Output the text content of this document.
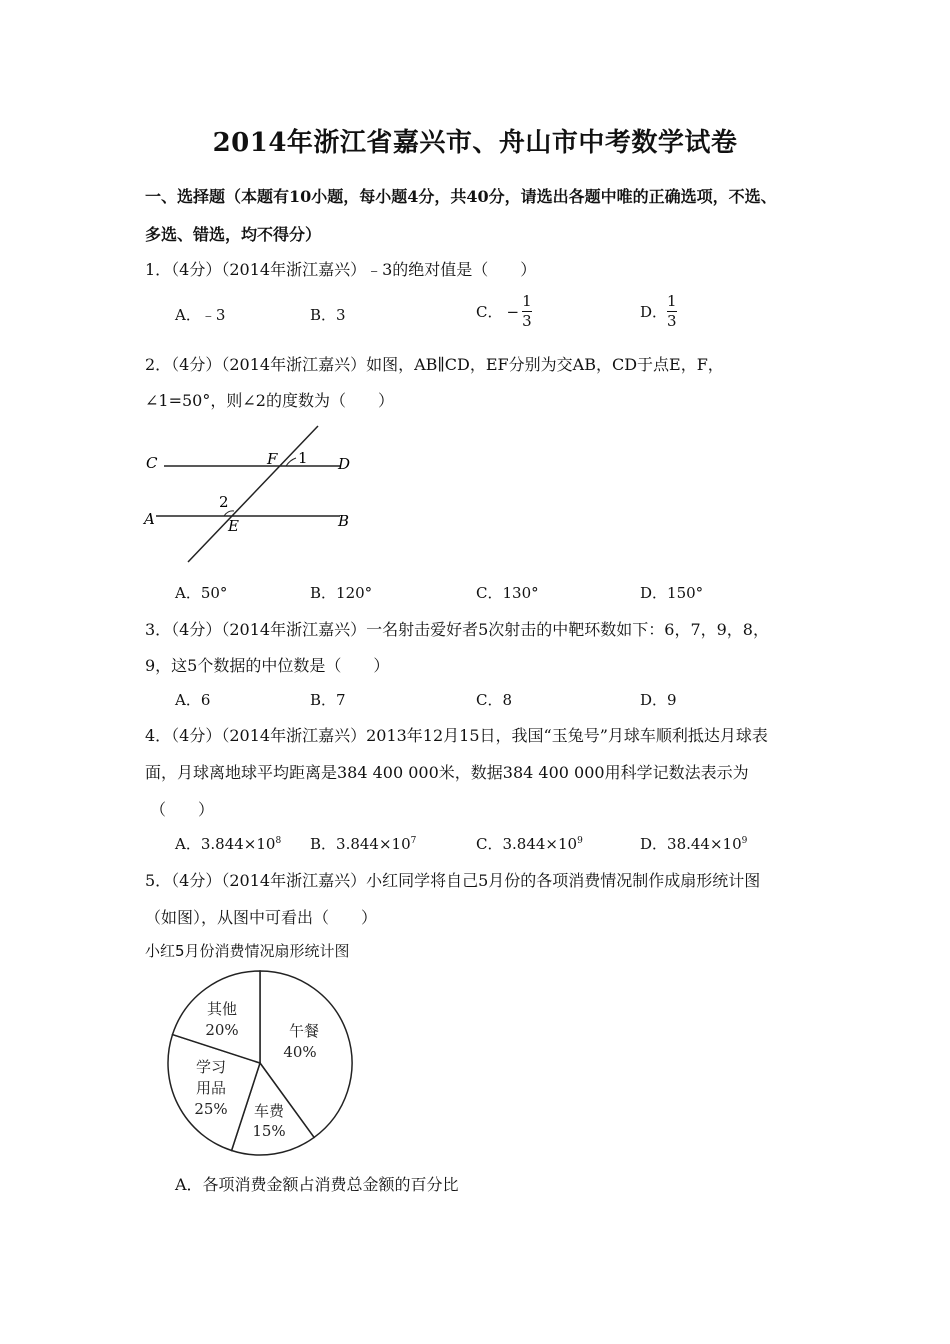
2014年浙江省嘉兴市、舟山市中考数学试卷
一、选择题（本题有10小题，每小题4分，共40分，请选出各题中唯的正确选项，不选、
多选、错选，均不得分）
1．（4分）（2014年浙江嘉兴）﹣3的绝对值是（　　）
A．﹣3	B．3	C． − $\frac{1}{3}$	D． $\frac{1}{3}$
2．（4分）（2014年浙江嘉兴）如图，AB∥CD，EF分别为交AB，CD于点E，F，
∠1=50°，则∠2的度数为（　　）
C	D
A	B
F
E
1
2
A．50°	B．120°	C．130°	D．150°
3．（4分）（2014年浙江嘉兴）一名射击爱好者5次射击的中靶环数如下：6，7，9，8，
9，这5个数据的中位数是（　　）
A．6	B．7	C．8	D．9
4．（4分）（2014年浙江嘉兴）2013年12月15日，我国“玉兔号”月球车顺利抵达月球表
面，月球离地球平均距离是384 400 000米，数据384 400 000用科学记数法表示为
（　　）
A．$3.844\times 10^8$ B．$3.844\times 10^7$	C．$3.844\times 10^9$	D．$38.44\times 10^9$
5．（4分）（2014年浙江嘉兴）小红同学将自己5月份的各项消费情况制作成扇形统计图
（如图），从图中可看出（　　）
小红5月份消费情况扇形统计图
其他
20%	午餐
40%
学习
用品
25% 车费
15%
A．各项消费金额占消费总金额的百分比
